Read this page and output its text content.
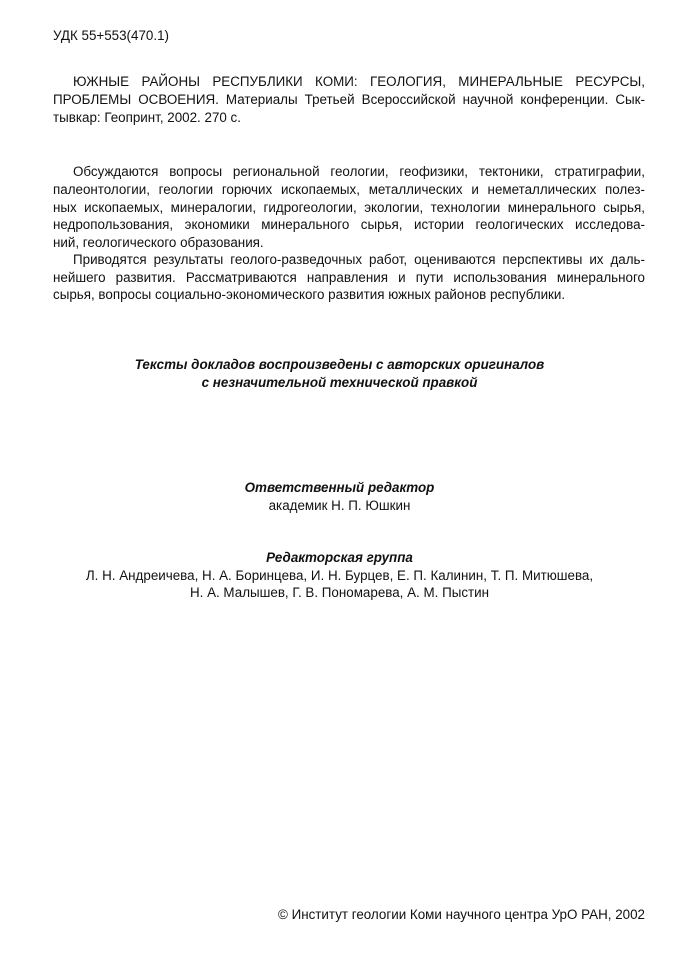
УДК 55+553(470.1)
ЮЖНЫЕ РАЙОНЫ РЕСПУБЛИКИ КОМИ: ГЕОЛОГИЯ, МИНЕРАЛЬНЫЕ РЕСУРСЫ,
ПРОБЛЕМЫ ОСВОЕНИЯ. Материалы Третьей Всероссийской научной конференции. Сык-
тывкар: Геопринт, 2002. 270 с.
Обсуждаются вопросы региональной геологии, геофизики, тектоники, стратиграфии,
палеонтологии, геологии горючих ископаемых, металлических и неметаллических полез-
ных ископаемых, минералогии, гидрогеологии, экологии, технологии минерального сырья,
недропользования, экономики минерального сырья, истории геологических исследова-
ний, геологического образования.
Приводятся результаты геолого-разведочных работ, оцениваются перспективы их даль-
нейшего развития. Рассматриваются направления и пути использования минерального
сырья, вопросы социально-экономического развития южных районов республики.
Тексты докладов воспроизведены с авторских оригиналов
с незначительной технической правкой
Ответственный редактор
академик Н. П. Юшкин
Редакторская группа
Л. Н. Андреичева, Н. А. Боринцева, И. Н. Бурцев, Е. П. Калинин, Т. П. Митюшева,
Н. А. Малышев, Г. В. Пономарева, А. М. Пыстин
© Институт геологии Коми научного центра УрО РАН, 2002
